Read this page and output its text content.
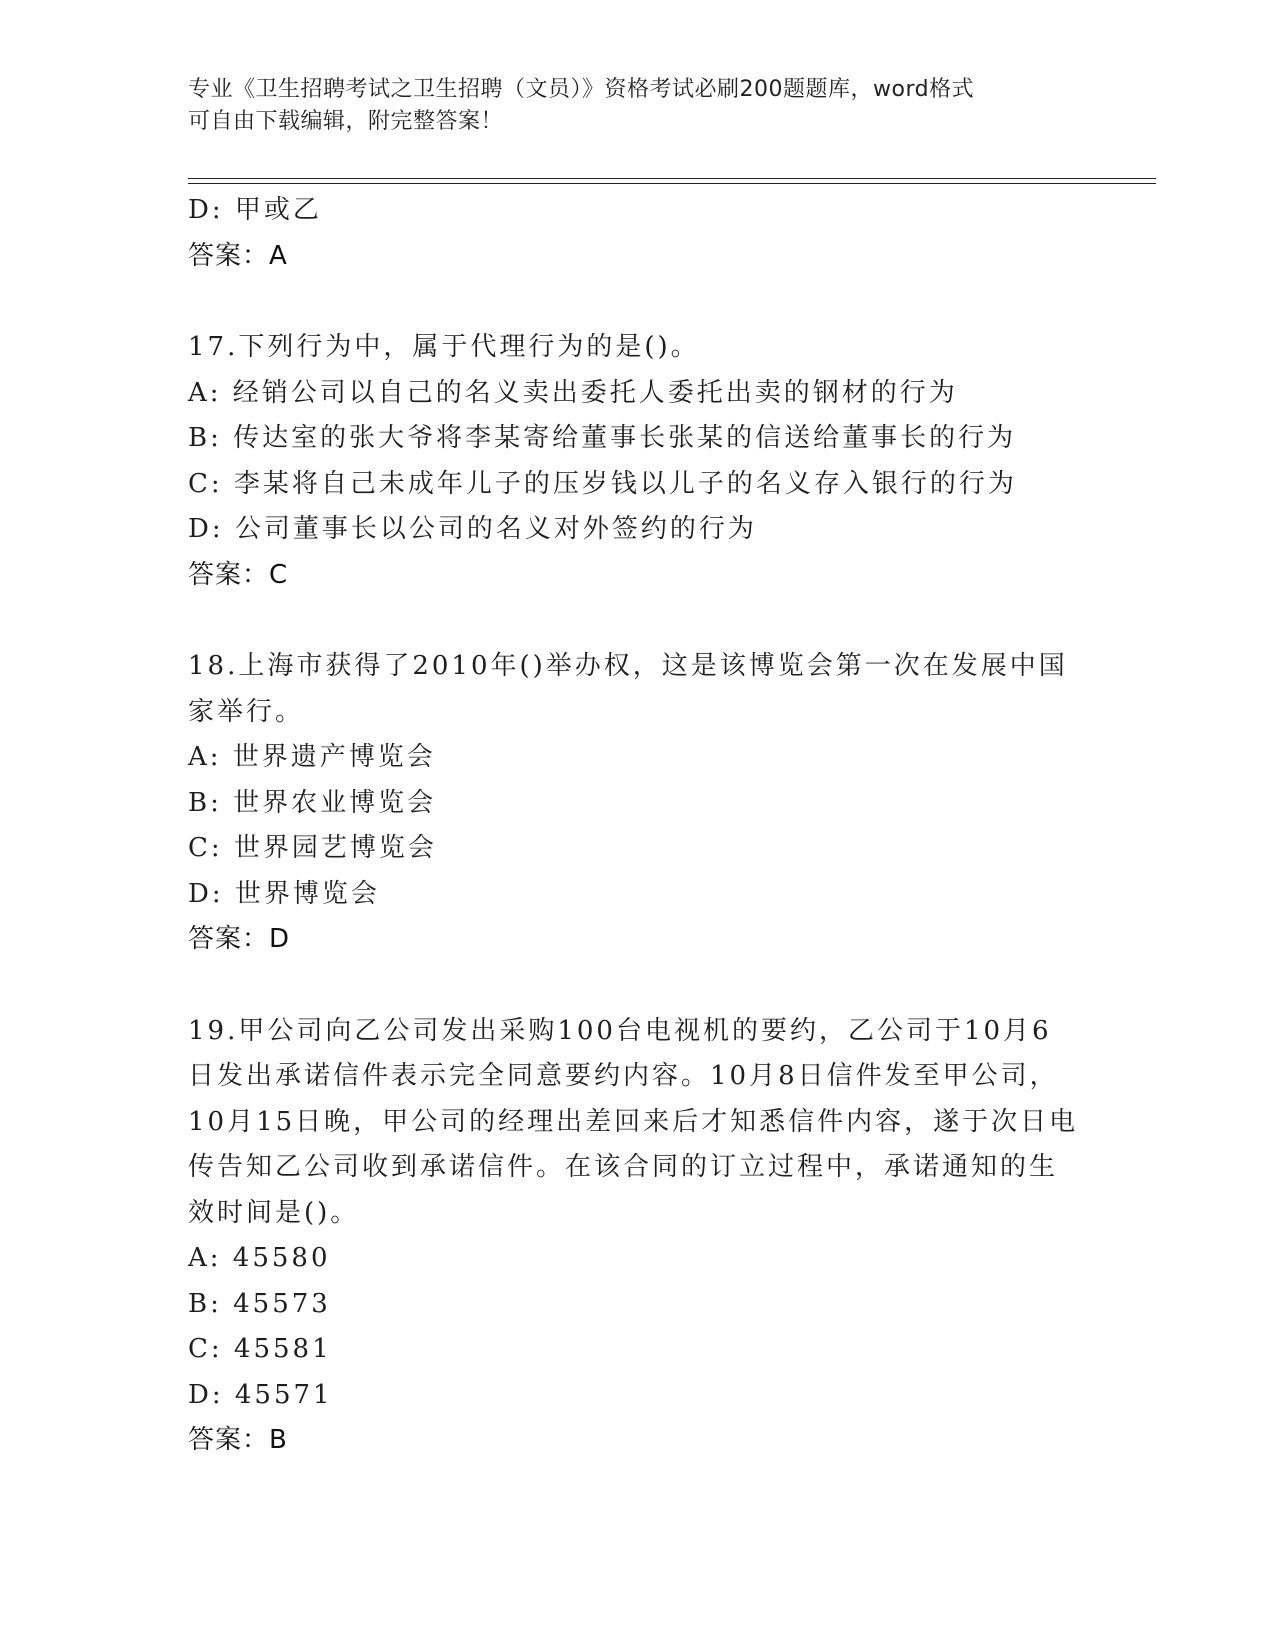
专业《卫生招聘考试之卫生招聘（文员）》资格考试必刷200题题库，word格式
可自由下载编辑，附完整答案！
D: 甲或乙
答案：A
17.下列行为中，属于代理行为的是()。
A: 经销公司以自己的名义卖出委托人委托出卖的钢材的行为
B: 传达室的张大爷将李某寄给董事长张某的信送给董事长的行为
C: 李某将自己未成年儿子的压岁钱以儿子的名义存入银行的行为
D: 公司董事长以公司的名义对外签约的行为
答案：C
18.上海市获得了2010年()举办权，这是该博览会第一次在发展中国
家举行。
A: 世界遗产博览会
B: 世界农业博览会
C: 世界园艺博览会
D: 世界博览会
答案：D
19.甲公司向乙公司发出采购100台电视机的要约，乙公司于10月6
日发出承诺信件表示完全同意要约内容。10月8日信件发至甲公司，
10月15日晚，甲公司的经理出差回来后才知悉信件内容，遂于次日电
传告知乙公司收到承诺信件。在该合同的订立过程中，承诺通知的生
效时间是()。
A: 45580
B: 45573
C: 45581
D: 45571
答案：B
